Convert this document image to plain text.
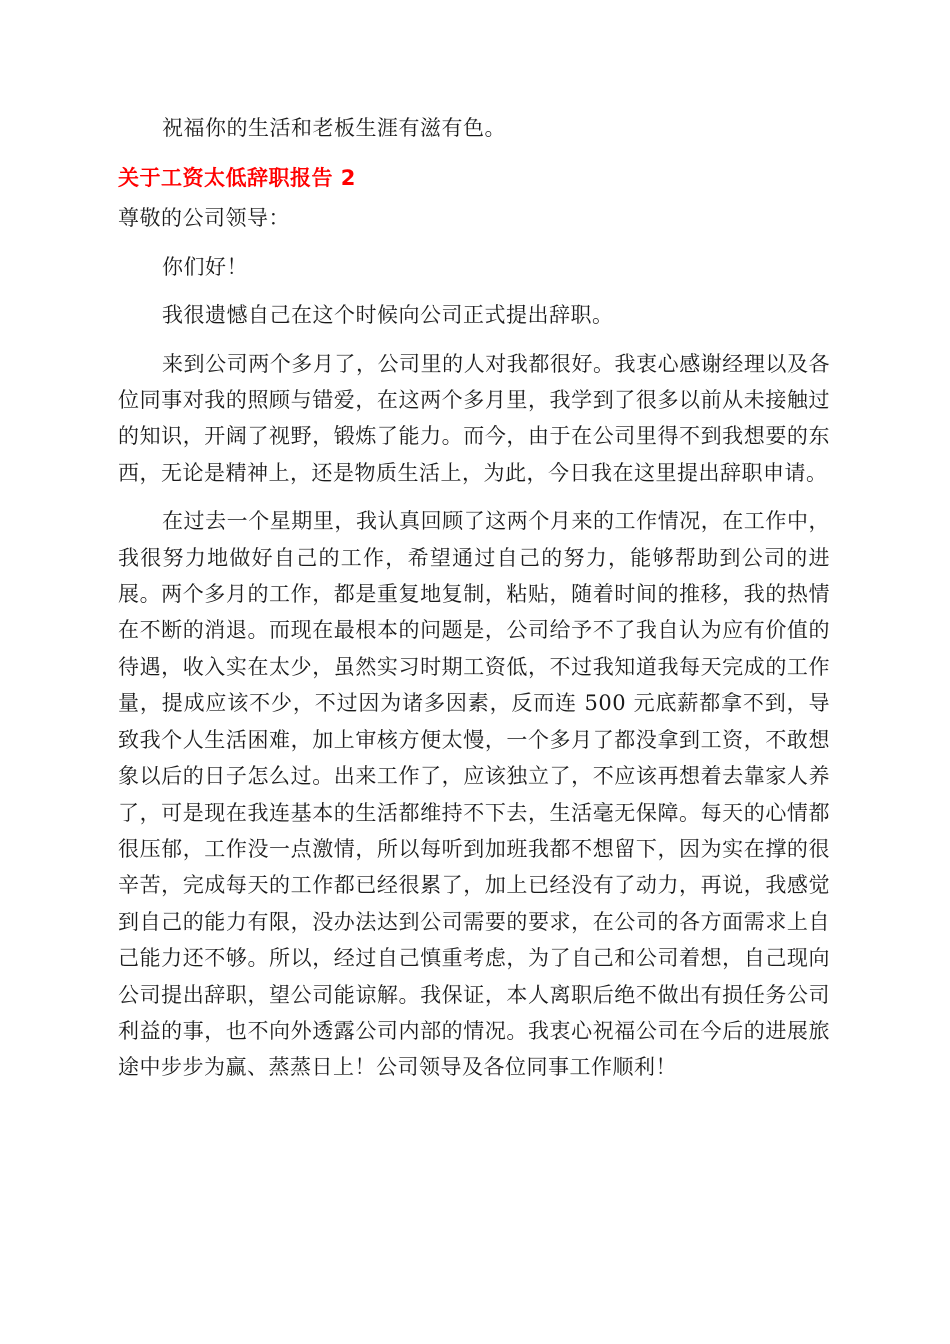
祝福你的生活和老板生涯有滋有色。

关于工资太低辞职报告 2

尊敬的公司领导：

你们好！

我很遗憾自己在这个时候向公司正式提出辞职。

来到公司两个多月了，公司里的人对我都很好。我衷心感谢经理以及各位同事对我的照顾与错爱，在这两个多月里，我学到了很多以前从未接触过的知识，开阔了视野，锻炼了能力。而今，由于在公司里得不到我想要的东西，无论是精神上，还是物质生活上，为此，今日我在这里提出辞职申请。

在过去一个星期里，我认真回顾了这两个月来的工作情况，在工作中，我很努力地做好自己的工作，希望通过自己的努力，能够帮助到公司的进展。两个多月的工作，都是重复地复制，粘贴，随着时间的推移，我的热情在不断的消退。而现在最根本的问题是，公司给予不了我自认为应有价值的待遇，收入实在太少，虽然实习时期工资低，不过我知道我每天完成的工作量，提成应该不少，不过因为诸多因素，反而连 500 元底薪都拿不到，导致我个人生活困难，加上审核方便太慢，一个多月了都没拿到工资，不敢想象以后的日子怎么过。出来工作了，应该独立了，不应该再想着去靠家人养了，可是现在我连基本的生活都维持不下去，生活毫无保障。每天的心情都很压郁，工作没一点激情，所以每听到加班我都不想留下，因为实在撑的很辛苦，完成每天的工作都已经很累了，加上已经没有了动力，再说，我感觉到自己的能力有限，没办法达到公司需要的要求，在公司的各方面需求上自己能力还不够。所以，经过自己慎重考虑，为了自己和公司着想，自己现向公司提出辞职，望公司能谅解。我保证，本人离职后绝不做出有损任务公司利益的事，也不向外透露公司内部的情况。我衷心祝福公司在今后的进展旅途中步步为赢、蒸蒸日上！公司领导及各位同事工作顺利！
